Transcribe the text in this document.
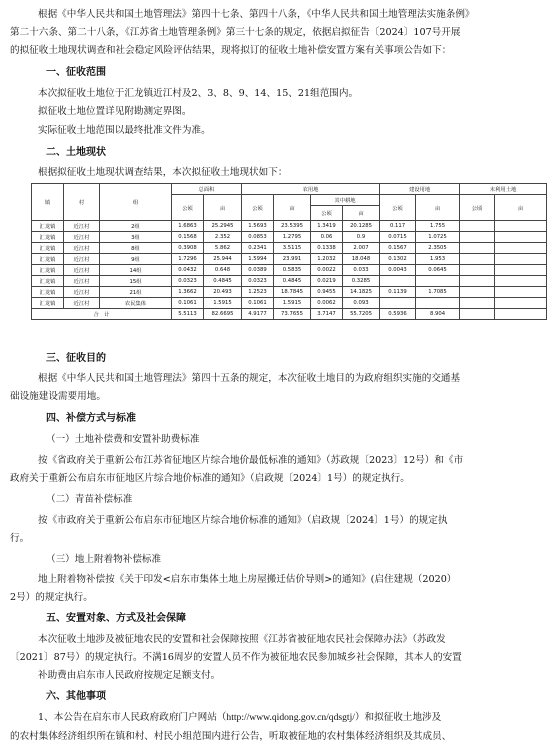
根据《中华人民共和国土地管理法》第四十七条、第四十八条，《中华人民共和国土地管理法实施条例》
第二十六条、第二十八条，《江苏省土地管理条例》第三十七条的规定，依据启拟征告〔2024〕107号开展
的拟征收土地现状调查和社会稳定风险评估结果，现将拟订的征收土地补偿安置方案有关事项公告如下：
一、征收范围
本次拟征收土地位于汇龙镇近江村及2、3、8、9、14、15、21组范围内。
拟征收土地位置详见附勘测定界图。
实际征收土地范围以最终批准文件为准。
二、土地现状
根据拟征收土地现状调查结果，本次拟征收土地现状如下：
镇	村	组	总面积		农用地				建设用地		未利用土地	
			公顷	亩	公顷	亩	其中耕地		公顷	亩	公顷	亩
							公顷	亩				
汇龙镇	近江村	2组	1.6863	25.2945	1.5693	23.5395	1.3419	20.1285	0.117	1.755		
汇龙镇	近江村	3组	0.1568	2.352	0.0853	1.2795	0.06	0.9	0.0715	1.0725		
汇龙镇	近江村	8组	0.3908	5.862	0.2341	3.5115	0.1338	2.007	0.1567	2.3505		
汇龙镇	近江村	9组	1.7296	25.944	1.5994	23.991	1.2032	18.048	0.1302	1.953		
汇龙镇	近江村	14组	0.0432	0.648	0.0389	0.5835	0.0022	0.033	0.0043	0.0645		
汇龙镇	近江村	15组	0.0323	0.4845	0.0323	0.4845	0.0219	0.3285				
汇龙镇	近江村	21组	1.3662	20.493	1.2523	18.7845	0.9455	14.1825	0.1139	1.7085		
汇龙镇	近江村	农民集体	0.1061	1.5915	0.1061	1.5915	0.0062	0.093				
合　计			5.5113	82.6695	4.9177	73.7655	3.7147	55.7205	0.5936	8.904		
三、征收目的
根据《中华人民共和国土地管理法》第四十五条的规定，本次征收土地目的为政府组织实施的交通基
础设施建设需要用地。
四、补偿方式与标准
（一）土地补偿费和安置补助费标准
按《省政府关于重新公布江苏省征地区片综合地价最低标准的通知》（苏政规〔2023〕12号）和《市
政府关于重新公布启东市征地区片综合地价标准的通知》（启政规〔2024〕1号）的规定执行。
（二）青苗补偿标准
按《市政府关于重新公布启东市征地区片综合地价标准的通知》（启政规〔2024〕1号）的规定执
行。
（三）地上附着物补偿标准
地上附着物补偿按《关于印发<启东市集体土地上房屋搬迁估价导则>的通知》(启住建规（2020）
2号）的规定执行。
五、安置对象、方式及社会保障
本次征收土地涉及被征地农民的安置和社会保障按照《江苏省被征地农民社会保障办法》（苏政发
〔2021〕87号）的规定执行。不满16周岁的安置人员不作为被征地农民参加城乡社会保障，其本人的安置
补助费由启东市人民政府按规定足额支付。
六、其他事项
1、本公告在启东市人民政府政府门户网站（http://www.qidong.gov.cn/qdsgtj/）和拟征收土地涉及
的农村集体经济组织所在镇和村、村民小组范围内进行公告，听取被征地的农村集体经济组织及其成员、
